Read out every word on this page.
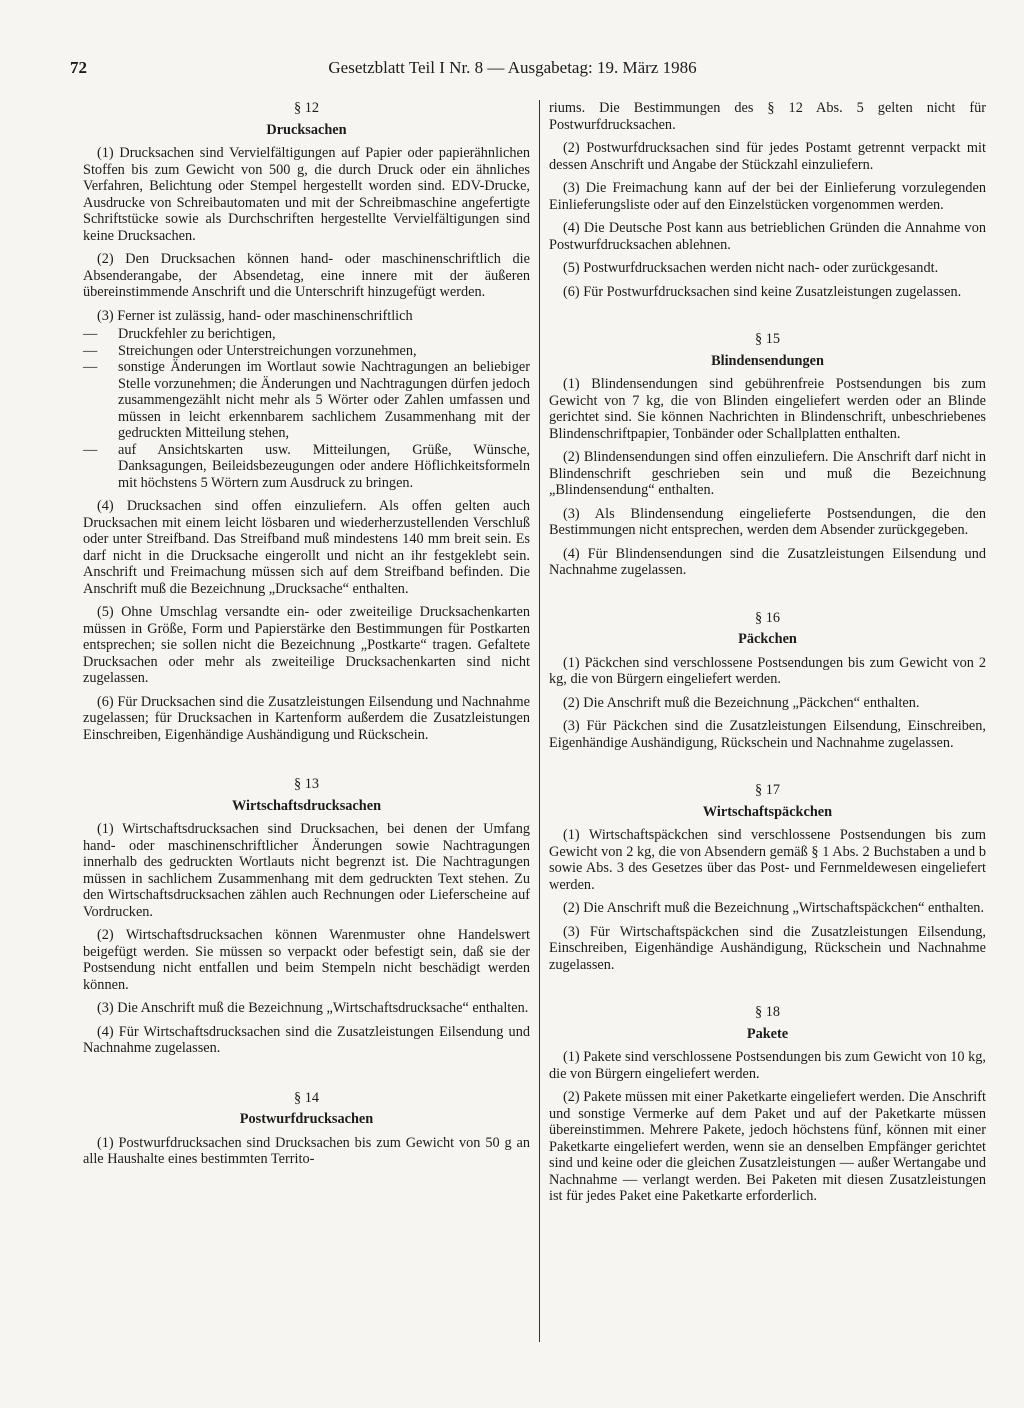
72	Gesetzblatt Teil I Nr. 8 — Ausgabetag: 19. März 1986
§ 12
Drucksachen

(1) Drucksachen sind Vervielfältigungen auf Papier oder papierähnlichen Stoffen bis zum Gewicht von 500 g, die durch Druck oder ein ähnliches Verfahren, Belichtung oder Stempel hergestellt worden sind. EDV-Drucke, Ausdrucke von Schreibautomaten und mit der Schreibmaschine angefertigte Schriftstücke sowie als Durchschriften hergestellte Vervielfältigungen sind keine Drucksachen.

(2) Den Drucksachen können hand- oder maschinenschriftlich die Absenderangabe, der Absendetag, eine innere mit der äußeren übereinstimmende Anschrift und die Unterschrift hinzugefügt werden.

(3) Ferner ist zulässig, hand- oder maschinenschriftlich

— Druckfehler zu berichtigen,
— Streichungen oder Unterstreichungen vorzunehmen,
— sonstige Änderungen im Wortlaut sowie Nachtragungen an beliebiger Stelle vorzunehmen; die Änderungen und Nachtragungen dürfen jedoch zusammengezählt nicht mehr als 5 Wörter oder Zahlen umfassen und müssen in leicht erkennbarem sachlichem Zusammenhang mit der gedruckten Mitteilung stehen,
— auf Ansichtskarten usw. Mitteilungen, Grüße, Wünsche, Danksagungen, Beileidsbezeugungen oder andere Höflichkeitsformeln mit höchstens 5 Wörtern zum Ausdruck zu bringen.

(4) Drucksachen sind offen einzuliefern. Als offen gelten auch Drucksachen mit einem leicht lösbaren und wiederherzustellenden Verschluß oder unter Streifband. Das Streifband muß mindestens 140 mm breit sein. Es darf nicht in die Drucksache eingerollt und nicht an ihr festgeklebt sein. Anschrift und Freimachung müssen sich auf dem Streifband befinden. Die Anschrift muß die Bezeichnung „Drucksache“ enthalten.

(5) Ohne Umschlag versandte ein- oder zweiteilige Drucksachenkarten müssen in Größe, Form und Papierstärke den Bestimmungen für Postkarten entsprechen; sie sollen nicht die Bezeichnung „Postkarte“ tragen. Gefaltete Drucksachen oder mehr als zweiteilige Drucksachenkarten sind nicht zugelassen.

(6) Für Drucksachen sind die Zusatzleistungen Eilsendung und Nachnahme zugelassen; für Drucksachen in Kartenform außerdem die Zusatzleistungen Einschreiben, Eigenhändige Aushändigung und Rückschein.

§ 13
Wirtschaftsdrucksachen

(1) Wirtschaftsdrucksachen sind Drucksachen, bei denen der Umfang hand- oder maschinenschriftlicher Änderungen sowie Nachtragungen innerhalb des gedruckten Wortlauts nicht begrenzt ist. Die Nachtragungen müssen in sachlichem Zusammenhang mit dem gedruckten Text stehen. Zu den Wirtschaftsdrucksachen zählen auch Rechnungen oder Lieferscheine auf Vordrucken.

(2) Wirtschaftsdrucksachen können Warenmuster ohne Handelswert beigefügt werden. Sie müssen so verpackt oder befestigt sein, daß sie der Postsendung nicht entfallen und beim Stempeln nicht beschädigt werden können.

(3) Die Anschrift muß die Bezeichnung „Wirtschaftsdrucksache“ enthalten.

(4) Für Wirtschaftsdrucksachen sind die Zusatzleistungen Eilsendung und Nachnahme zugelassen.

§ 14
Postwurfdrucksachen

(1) Postwurfdrucksachen sind Drucksachen bis zum Gewicht von 50 g an alle Haushalte eines bestimmten Territo-

riums. Die Bestimmungen des § 12 Abs. 5 gelten nicht für Postwurfdrucksachen.

(2) Postwurfdrucksachen sind für jedes Postamt getrennt verpackt mit dessen Anschrift und Angabe der Stückzahl einzuliefern.

(3) Die Freimachung kann auf der bei der Einlieferung vorzulegenden Einlieferungsliste oder auf den Einzelstücken vorgenommen werden.

(4) Die Deutsche Post kann aus betrieblichen Gründen die Annahme von Postwurfdrucksachen ablehnen.

(5) Postwurfdrucksachen werden nicht nach- oder zurückgesandt.

(6) Für Postwurfdrucksachen sind keine Zusatzleistungen zugelassen.

§ 15
Blindensendungen

(1) Blindensendungen sind gebührenfreie Postsendungen bis zum Gewicht von 7 kg, die von Blinden eingeliefert werden oder an Blinde gerichtet sind. Sie können Nachrichten in Blindenschrift, unbeschriebenes Blindenschriftpapier, Tonbänder oder Schallplatten enthalten.

(2) Blindensendungen sind offen einzuliefern. Die Anschrift darf nicht in Blindenschrift geschrieben sein und muß die Bezeichnung „Blindensendung“ enthalten.

(3) Als Blindensendung eingelieferte Postsendungen, die den Bestimmungen nicht entsprechen, werden dem Absender zurückgegeben.

(4) Für Blindensendungen sind die Zusatzleistungen Eilsendung und Nachnahme zugelassen.

§ 16
Päckchen

(1) Päckchen sind verschlossene Postsendungen bis zum Gewicht von 2 kg, die von Bürgern eingeliefert werden.

(2) Die Anschrift muß die Bezeichnung „Päckchen“ enthalten.

(3) Für Päckchen sind die Zusatzleistungen Eilsendung, Einschreiben, Eigenhändige Aushändigung, Rückschein und Nachnahme zugelassen.

§ 17
Wirtschaftspäckchen

(1) Wirtschaftspäckchen sind verschlossene Postsendungen bis zum Gewicht von 2 kg, die von Absendern gemäß § 1 Abs. 2 Buchstaben a und b sowie Abs. 3 des Gesetzes über das Post- und Fernmeldewesen eingeliefert werden.

(2) Die Anschrift muß die Bezeichnung „Wirtschaftspäckchen“ enthalten.

(3) Für Wirtschaftspäckchen sind die Zusatzleistungen Eilsendung, Einschreiben, Eigenhändige Aushändigung, Rückschein und Nachnahme zugelassen.

§ 18
Pakete

(1) Pakete sind verschlossene Postsendungen bis zum Gewicht von 10 kg, die von Bürgern eingeliefert werden.

(2) Pakete müssen mit einer Paketkarte eingeliefert werden. Die Anschrift und sonstige Vermerke auf dem Paket und auf der Paketkarte müssen übereinstimmen. Mehrere Pakete, jedoch höchstens fünf, können mit einer Paketkarte eingeliefert werden, wenn sie an denselben Empfänger gerichtet sind und keine oder die gleichen Zusatzleistungen — außer Wertangabe und Nachnahme — verlangt werden. Bei Paketen mit diesen Zusatzleistungen ist für jedes Paket eine Paketkarte erforderlich.
